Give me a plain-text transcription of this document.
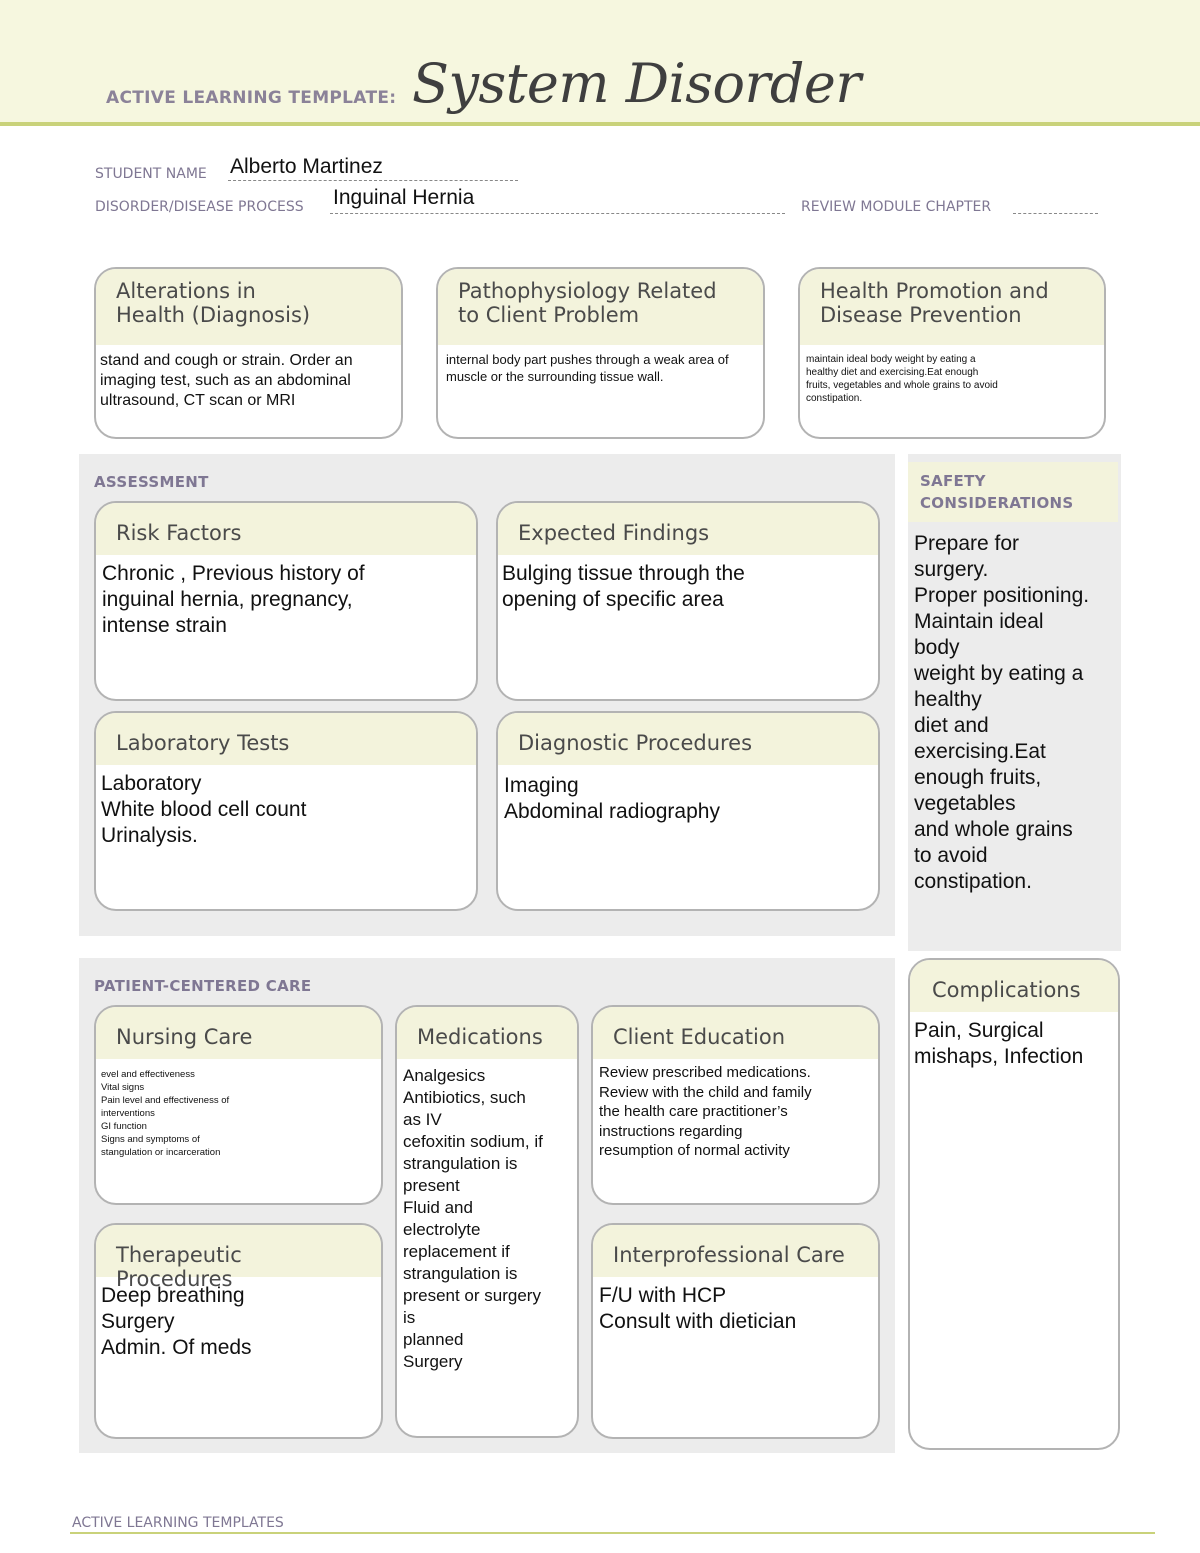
ACTIVE LEARNING TEMPLATE: System Disorder
STUDENT NAME Alberto Martinez
DISORDER/DISEASE PROCESS Inguinal Hernia	REVIEW MODULE CHAPTER
Alterations in
Health (Diagnosis)
stand and cough or strain. Order an imaging test, such as an abdominal ultrasound, CT scan or MRI
Pathophysiology Related
to Client Problem
internal body part pushes through a weak area of muscle or the surrounding tissue wall.
Health Promotion and
Disease Prevention
maintain ideal body weight by eating a healthy diet and exercising.Eat enough fruits, vegetables and whole grains to avoid constipation.
ASSESSMENT
Risk Factors
Chronic , Previous history of
inguinal hernia, pregnancy,
intense strain
Expected Findings
Bulging tissue through the
opening of specific area
Laboratory Tests
Laboratory
White blood cell count
Urinalysis.
Diagnostic Procedures
Imaging
Abdominal radiography
SAFETY
CONSIDERATIONS
Prepare for
surgery.
Proper positioning.
Maintain ideal
body
weight by eating a
healthy
diet and
exercising.Eat
enough fruits,
vegetables
and whole grains
to avoid
constipation.
Complications
Pain, Surgical
mishaps, Infection
PATIENT-CENTERED CARE
Nursing Care
evel and effectiveness
Vital signs
Pain level and effectiveness of
interventions
GI function
Signs and symptoms of
stangulation or incarceration
Medications
Analgesics
Antibiotics, such
as IV
cefoxitin sodium, if
strangulation is
present
Fluid and
electrolyte
replacement if
strangulation is
present or surgery
is
planned
Surgery
Client Education
Review prescribed medications.
Review with the child and family
the health care practitioner’s
instructions regarding
resumption of normal activity
Therapeutic Procedures
Deep breathing
Surgery
Admin. Of meds
Interprofessional Care
F/U with HCP
Consult with dietician
ACTIVE LEARNING TEMPLATES
